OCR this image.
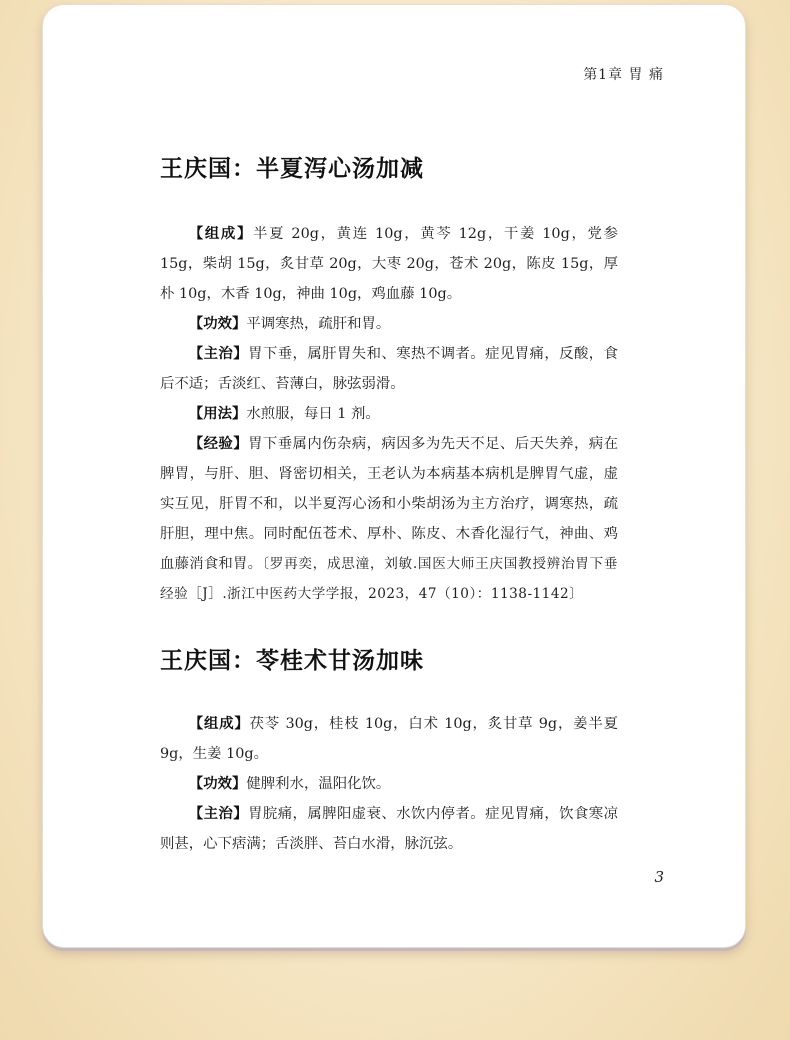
第1章 胃 痛
王庆国：半夏泻心汤加减

【组成】半夏 20g，黄连 10g，黄芩 12g，干姜 10g，党参 15g，柴胡 15g，炙甘草 20g，大枣 20g，苍术 20g，陈皮 15g，厚朴 10g，木香 10g，神曲 10g，鸡血藤 10g。

【功效】平调寒热，疏肝和胃。

【主治】胃下垂，属肝胃失和、寒热不调者。症见胃痛，反酸，食后不适；舌淡红、苔薄白，脉弦弱滑。

【用法】水煎服，每日 1 剂。

【经验】胃下垂属内伤杂病，病因多为先天不足、后天失养，病在脾胃，与肝、胆、肾密切相关，王老认为本病基本病机是脾胃气虚，虚实互见，肝胃不和，以半夏泻心汤和小柴胡汤为主方治疗，调寒热，疏肝胆，理中焦。同时配伍苍术、厚朴、陈皮、木香化湿行气，神曲、鸡血藤消食和胃。〔罗再奕，成思潼，刘敏.国医大师王庆国教授辨治胃下垂经验［J］.浙江中医药大学学报，2023，47（10）：1138-1142〕

王庆国：苓桂术甘汤加味

【组成】茯苓 30g，桂枝 10g，白术 10g，炙甘草 9g，姜半夏 9g，生姜 10g。

【功效】健脾利水，温阳化饮。

【主治】胃脘痛，属脾阳虚衰、水饮内停者。症见胃痛，饮食寒凉则甚，心下痞满；舌淡胖、苔白水滑，脉沉弦。

3
